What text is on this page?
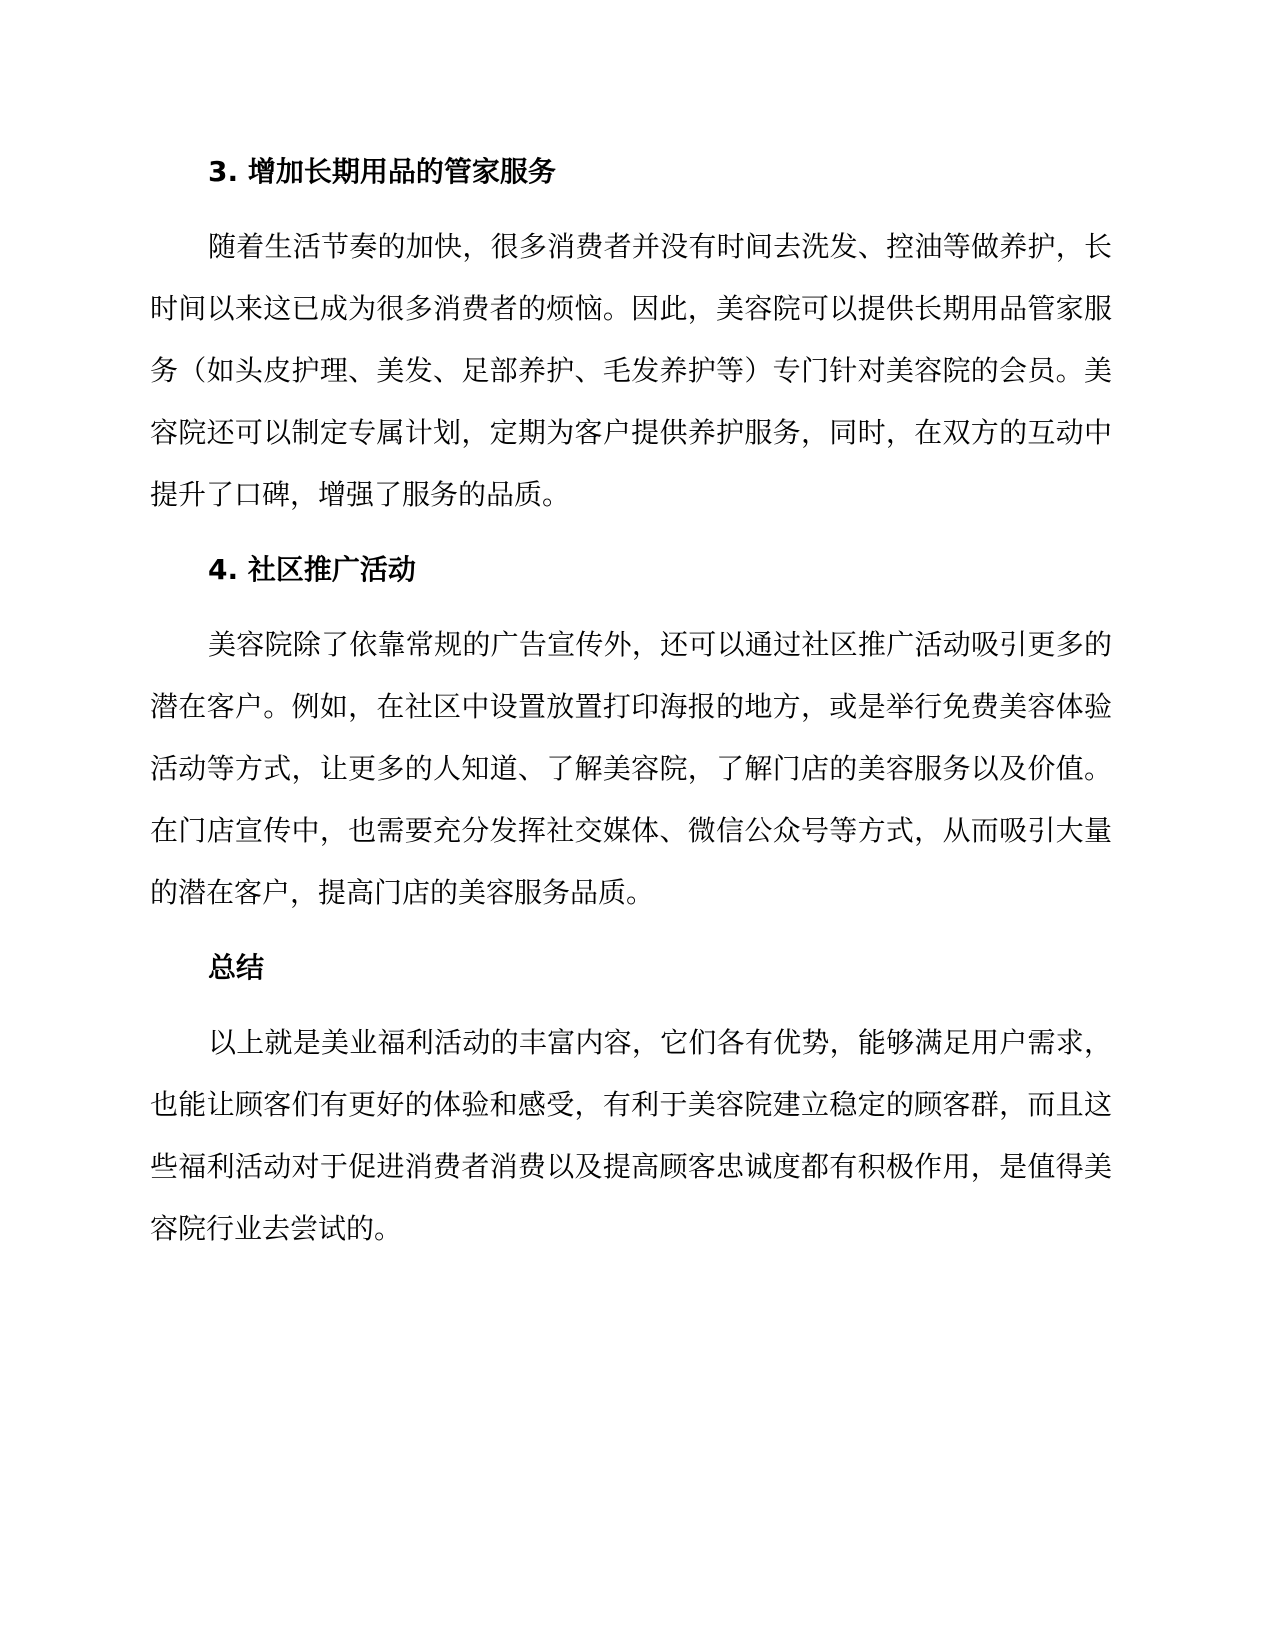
3. 增加长期用品的管家服务

随着生活节奏的加快，很多消费者并没有时间去洗发、控油等做养护，长时间以来这已成为很多消费者的烦恼。因此，美容院可以提供长期用品管家服务（如头皮护理、美发、足部养护、毛发养护等）专门针对美容院的会员。美容院还可以制定专属计划，定期为客户提供养护服务，同时，在双方的互动中提升了口碑，增强了服务的品质。

4. 社区推广活动

美容院除了依靠常规的广告宣传外，还可以通过社区推广活动吸引更多的潜在客户。例如，在社区中设置放置打印海报的地方，或是举行免费美容体验活动等方式，让更多的人知道、了解美容院，了解门店的美容服务以及价值。在门店宣传中，也需要充分发挥社交媒体、微信公众号等方式，从而吸引大量的潜在客户，提高门店的美容服务品质。

总结

以上就是美业福利活动的丰富内容，它们各有优势，能够满足用户需求，也能让顾客们有更好的体验和感受，有利于美容院建立稳定的顾客群，而且这些福利活动对于促进消费者消费以及提高顾客忠诚度都有积极作用，是值得美容院行业去尝试的。
